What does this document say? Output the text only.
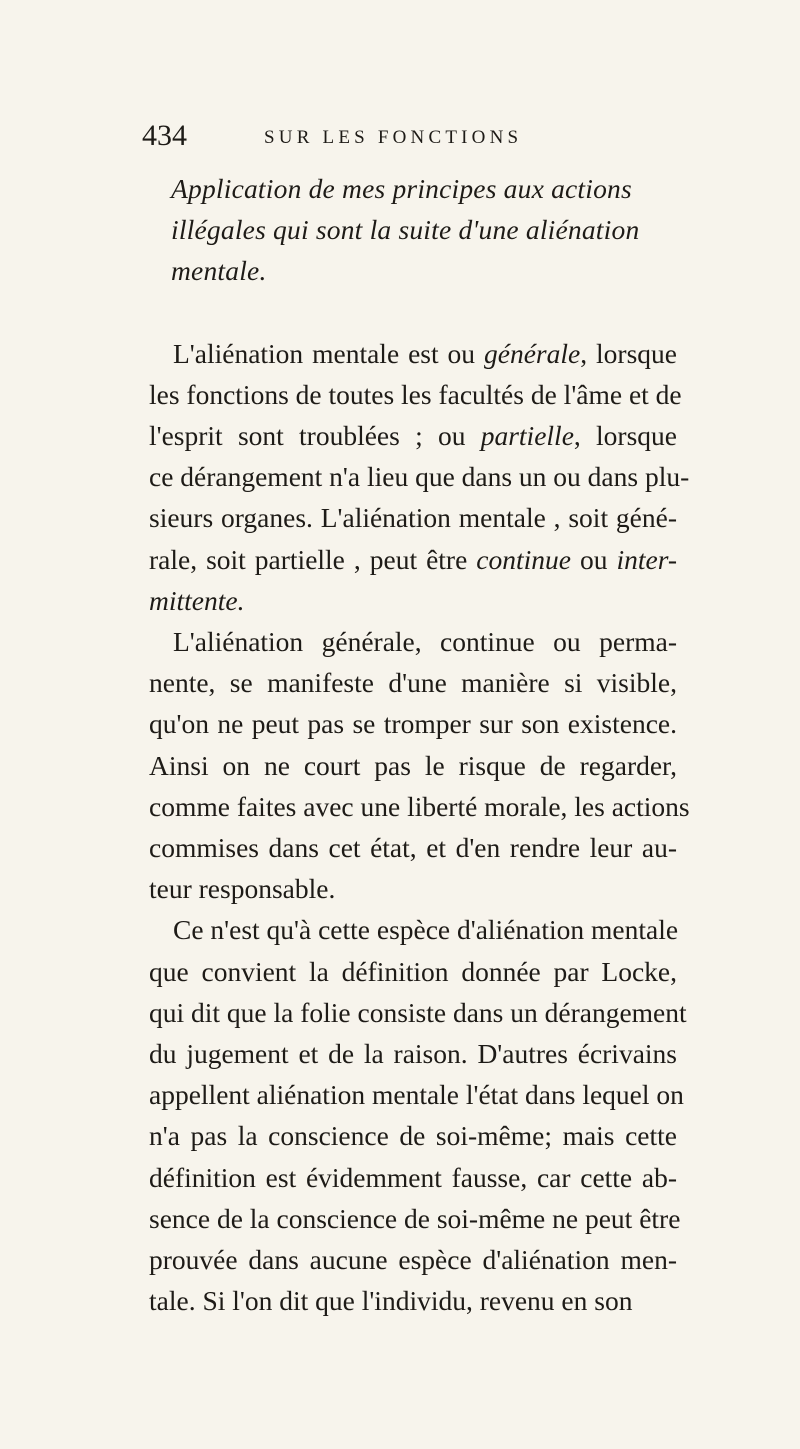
434	SUR LES FONCTIONS
Application de mes principes aux actions
illégales qui sont la suite d'une aliénation
mentale.
L'aliénation mentale est ou générale, lorsque
les fonctions de toutes les facultés de l'âme et de
l'esprit sont troublées ; ou partielle, lorsque
ce dérangement n'a lieu que dans un ou dans plu-
sieurs organes. L'aliénation mentale , soit géné-
rale, soit partielle , peut être continue ou inter-
mittente.
L'aliénation générale, continue ou perma-
nente, se manifeste d'une manière si visible,
qu'on ne peut pas se tromper sur son existence.
Ainsi on ne court pas le risque de regarder,
comme faites avec une liberté morale, les actions
commises dans cet état, et d'en rendre leur au-
teur responsable.
Ce n'est qu'à cette espèce d'aliénation mentale
que convient la définition donnée par Locke,
qui dit que la folie consiste dans un dérangement
du jugement et de la raison. D'autres écrivains
appellent aliénation mentale l'état dans lequel on
n'a pas la conscience de soi-même; mais cette
définition est évidemment fausse, car cette ab-
sence de la conscience de soi-même ne peut être
prouvée dans aucune espèce d'aliénation men-
tale. Si l'on dit que l'individu, revenu en son
